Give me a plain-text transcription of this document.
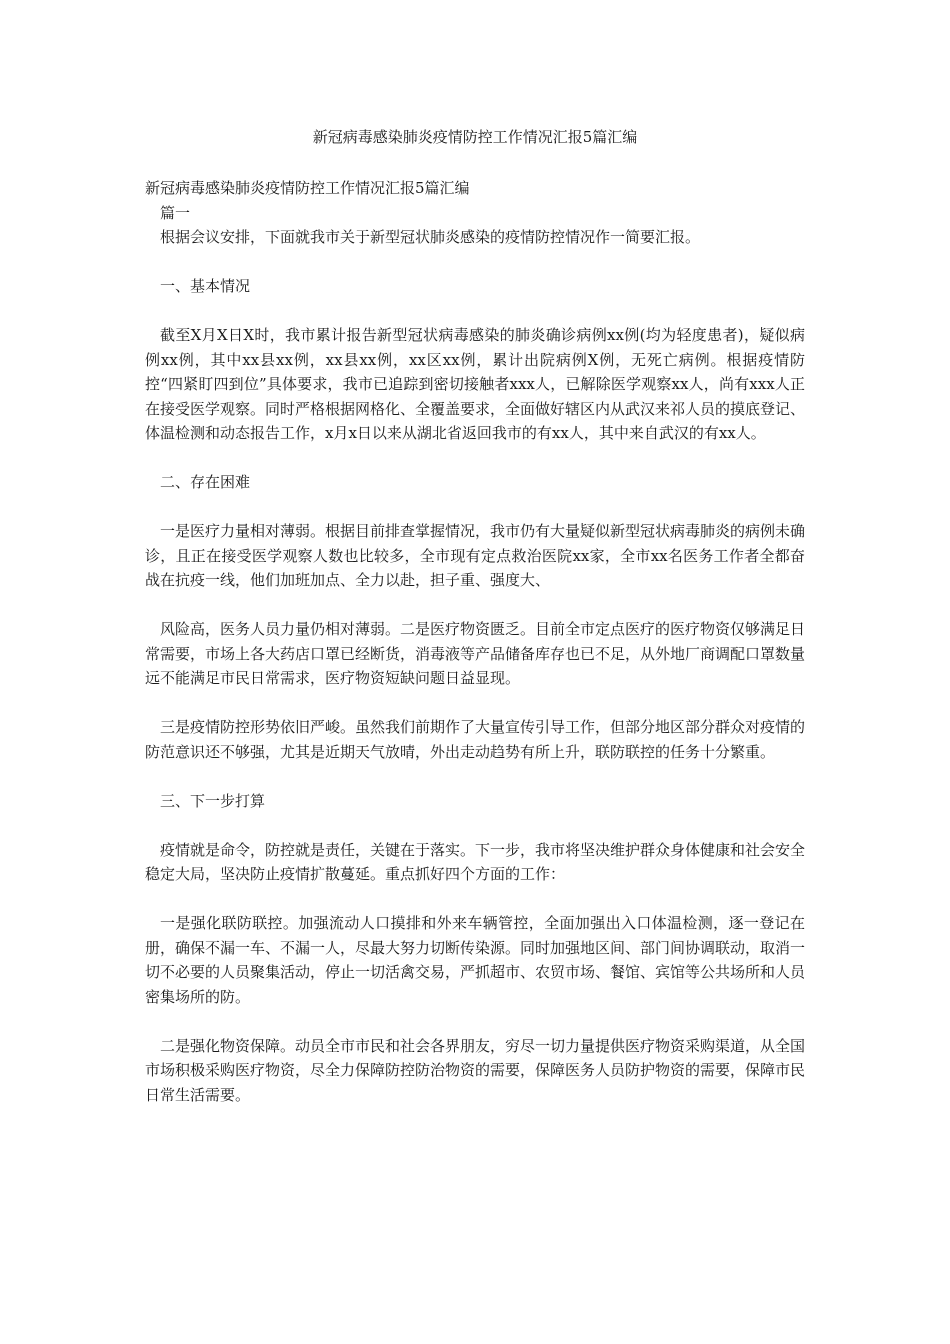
新冠病毒感染肺炎疫情防控工作情况汇报5篇汇编

新冠病毒感染肺炎疫情防控工作情况汇报5篇汇编

篇一

根据会议安排，下面就我市关于新型冠状肺炎感染的疫情防控情况作一简要汇报。

一、基本情况

截至X月X日X时，我市累计报告新型冠状病毒感染的肺炎确诊病例xx例(均为轻度患者)，疑似病例xx例，其中xx县xx例，xx县xx例，xx区xx例，累计出院病例X例，无死亡病例。根据疫情防控“四紧盯四到位”具体要求，我市已追踪到密切接触者xxx人，已解除医学观察xx人，尚有xxx人正在接受医学观察。同时严格根据网格化、全覆盖要求，全面做好辖区内从武汉来祁人员的摸底登记、体温检测和动态报告工作，x月x日以来从湖北省返回我市的有xx人，其中来自武汉的有xx人。

二、存在困难

一是医疗力量相对薄弱。根据目前排查掌握情况，我市仍有大量疑似新型冠状病毒肺炎的病例未确诊，且正在接受医学观察人数也比较多，全市现有定点救治医院xx家，全市xx名医务工作者全都奋战在抗疫一线，他们加班加点、全力以赴，担子重、强度大、

风险高，医务人员力量仍相对薄弱。二是医疗物资匮乏。目前全市定点医疗的医疗物资仅够满足日常需要，市场上各大药店口罩已经断货，消毒液等产品储备库存也已不足，从外地厂商调配口罩数量远不能满足市民日常需求，医疗物资短缺问题日益显现。

三是疫情防控形势依旧严峻。虽然我们前期作了大量宣传引导工作，但部分地区部分群众对疫情的防范意识还不够强，尤其是近期天气放晴，外出走动趋势有所上升，联防联控的任务十分繁重。

三、下一步打算

疫情就是命令，防控就是责任，关键在于落实。下一步，我市将坚决维护群众身体健康和社会安全稳定大局，坚决防止疫情扩散蔓延。重点抓好四个方面的工作：

一是强化联防联控。加强流动人口摸排和外来车辆管控，全面加强出入口体温检测，逐一登记在册，确保不漏一车、不漏一人，尽最大努力切断传染源。同时加强地区间、部门间协调联动，取消一切不必要的人员聚集活动，停止一切活禽交易，严抓超市、农贸市场、餐馆、宾馆等公共场所和人员密集场所的防。

二是强化物资保障。动员全市市民和社会各界朋友，穷尽一切力量提供医疗物资采购渠道，从全国市场积极采购医疗物资，尽全力保障防控防治物资的需要，保障医务人员防护物资的需要，保障市民日常生活需要。
